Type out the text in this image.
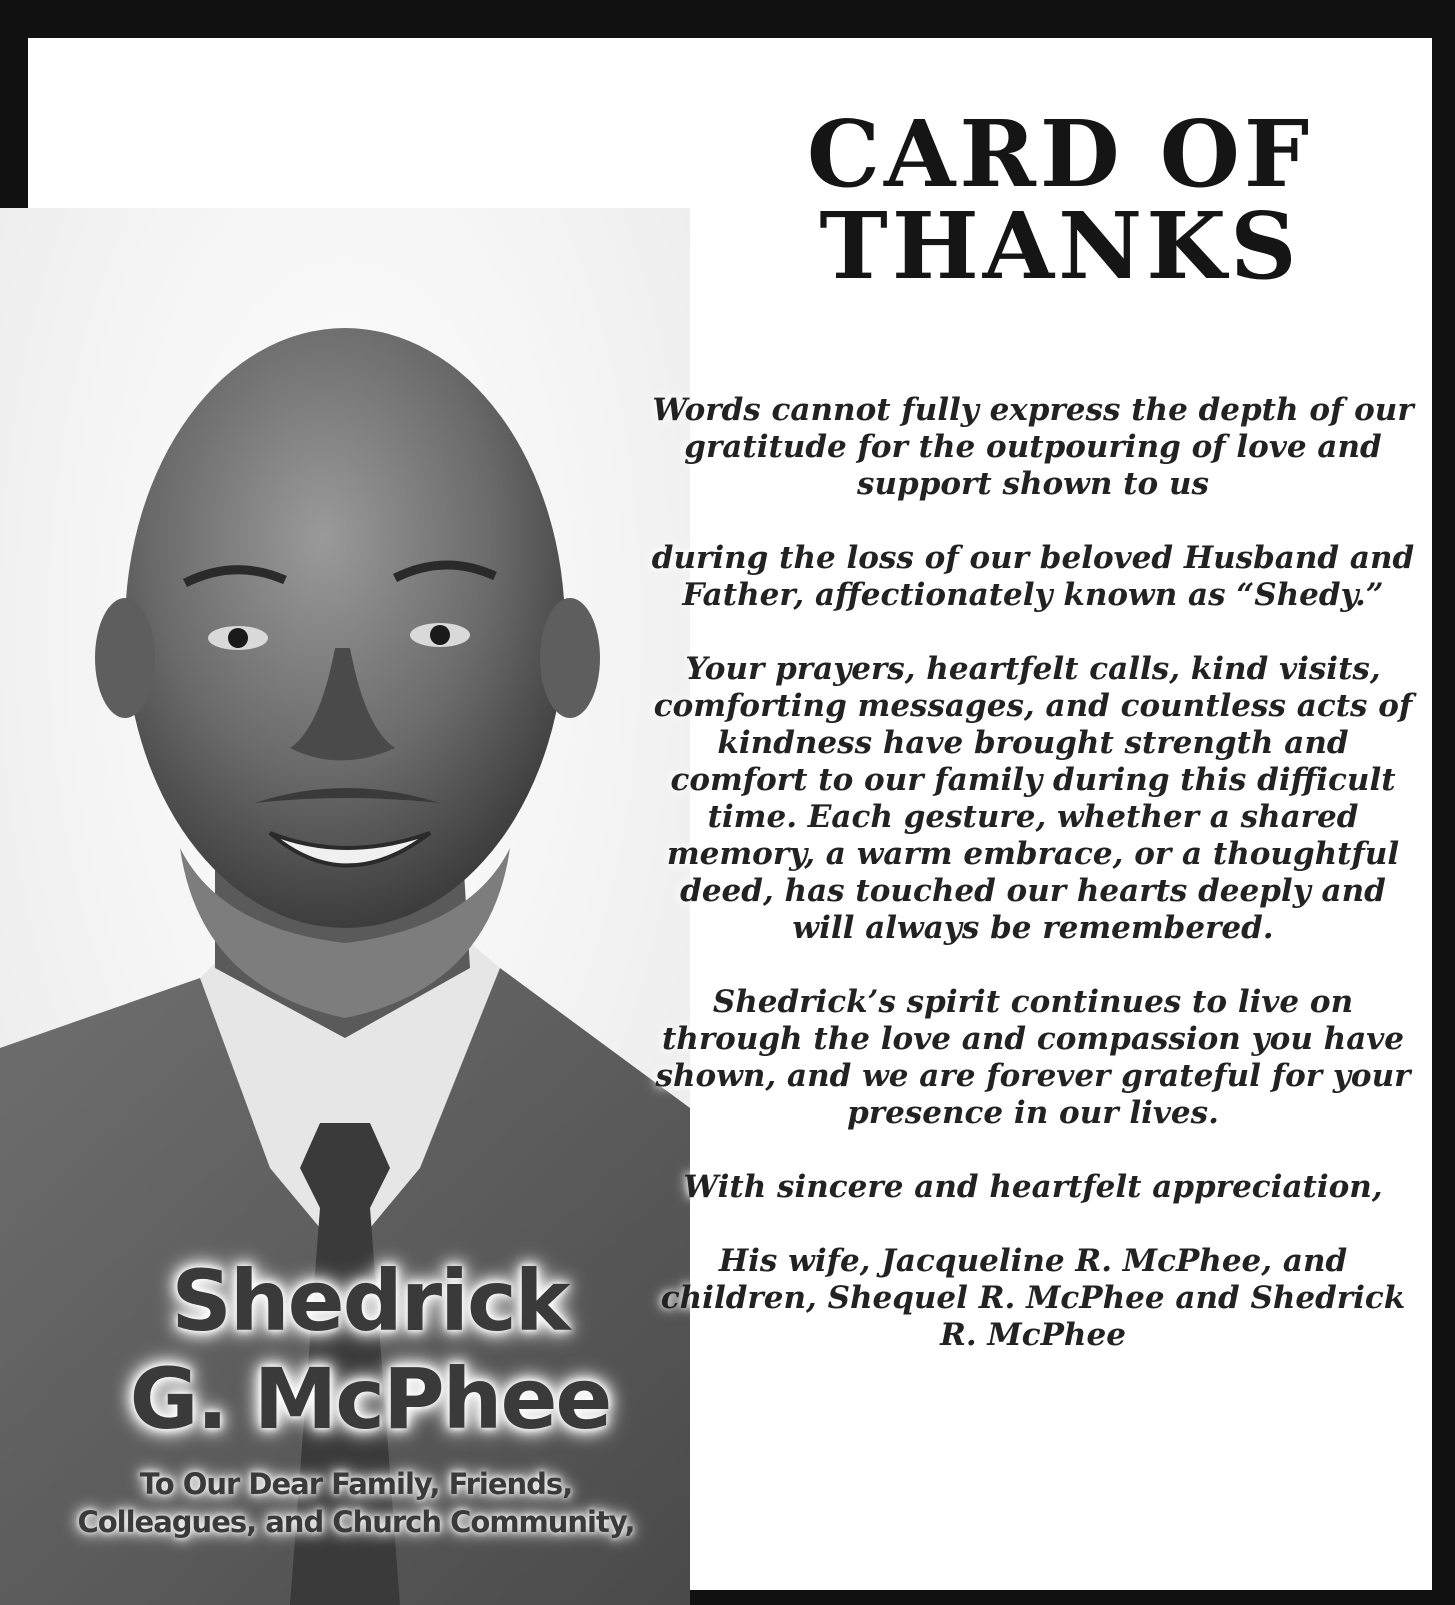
CARD OF
THANKS

Words cannot fully express the depth of our gratitude for the outpouring of love and support shown to us

during the loss of our beloved Husband and Father, affectionately known as “Shedy.”

Your prayers, heartfelt calls, kind visits, comforting messages, and countless acts of kindness have brought strength and comfort to our family during this difficult time. Each gesture, whether a shared memory, a warm embrace, or a thoughtful deed, has touched our hearts deeply and will always be remembered.

Shedrick’s spirit continues to live on through the love and compassion you have shown, and we are forever grateful for your presence in our lives.

With sincere and heartfelt appreciation,

His wife, Jacqueline R. McPhee, and children, Shequel R. McPhee and Shedrick R. McPhee

Shedrick
G. McPhee
To Our Dear Family, Friends,
Colleagues, and Church Community,
